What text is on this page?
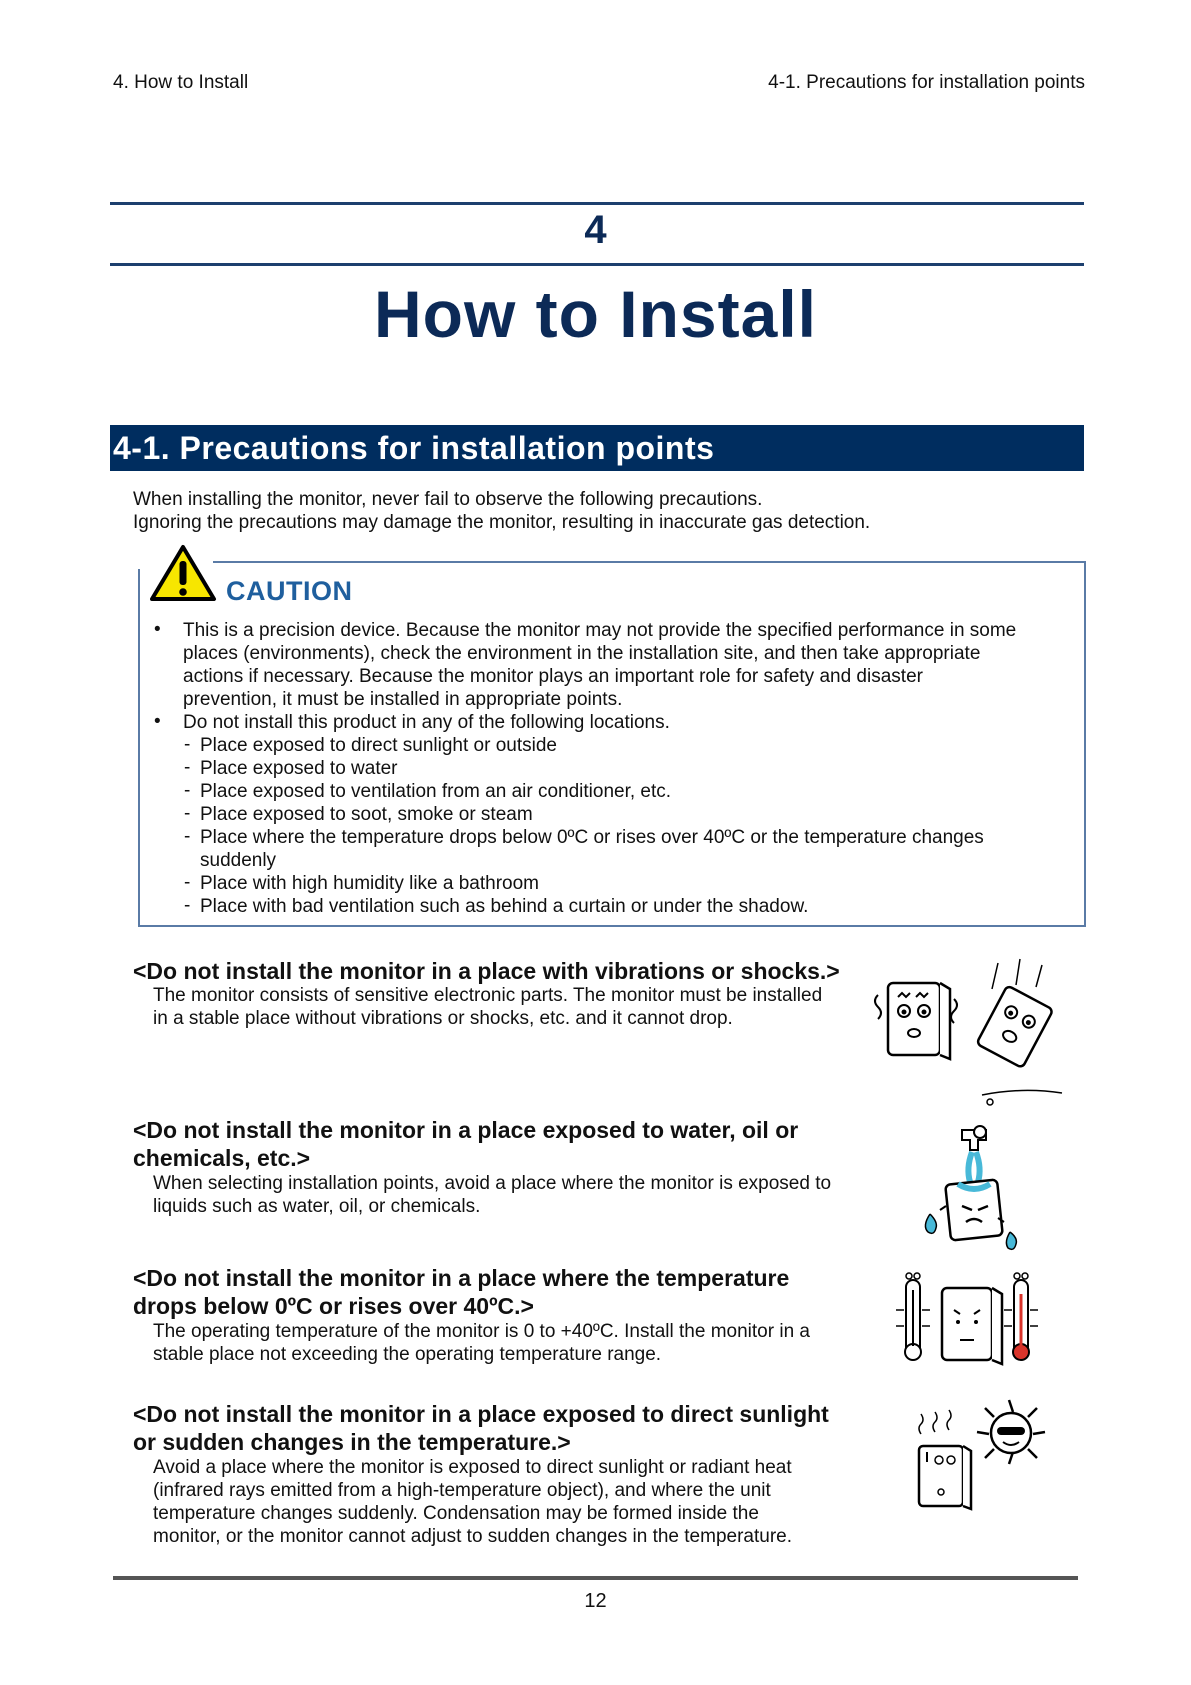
4. How to Install	4-1. Precautions for installation points
4
How to Install
4-1. Precautions for installation points
When installing the monitor, never fail to observe the following precautions.
Ignoring the precautions may damage the monitor, resulting in inaccurate gas detection.
CAUTION
• This is a precision device. Because the monitor may not provide the specified performance in some
places (environments), check the environment in the installation site, and then take appropriate
actions if necessary. Because the monitor plays an important role for safety and disaster
prevention, it must be installed in appropriate points.
• Do not install this product in any of the following locations.
- Place exposed to direct sunlight or outside
- Place exposed to water
- Place exposed to ventilation from an air conditioner, etc.
- Place exposed to soot, smoke or steam
- Place where the temperature drops below 0ºC or rises over 40ºC or the temperature changes
suddenly
- Place with high humidity like a bathroom
- Place with bad ventilation such as behind a curtain or under the shadow.
<Do not install the monitor in a place with vibrations or shocks.>
The monitor consists of sensitive electronic parts. The monitor must be installed
in a stable place without vibrations or shocks, etc. and it cannot drop.
<Do not install the monitor in a place exposed to water, oil or
chemicals, etc.>
When selecting installation points, avoid a place where the monitor is exposed to
liquids such as water, oil, or chemicals.
<Do not install the monitor in a place where the temperature
drops below 0ºC or rises over 40ºC.>
The operating temperature of the monitor is 0 to +40ºC. Install the monitor in a
stable place not exceeding the operating temperature range.
<Do not install the monitor in a place exposed to direct sunlight
or sudden changes in the temperature.>
Avoid a place where the monitor is exposed to direct sunlight or radiant heat
(infrared rays emitted from a high-temperature object), and where the unit
temperature changes suddenly. Condensation may be formed inside the
monitor, or the monitor cannot adjust to sudden changes in the temperature.
12
